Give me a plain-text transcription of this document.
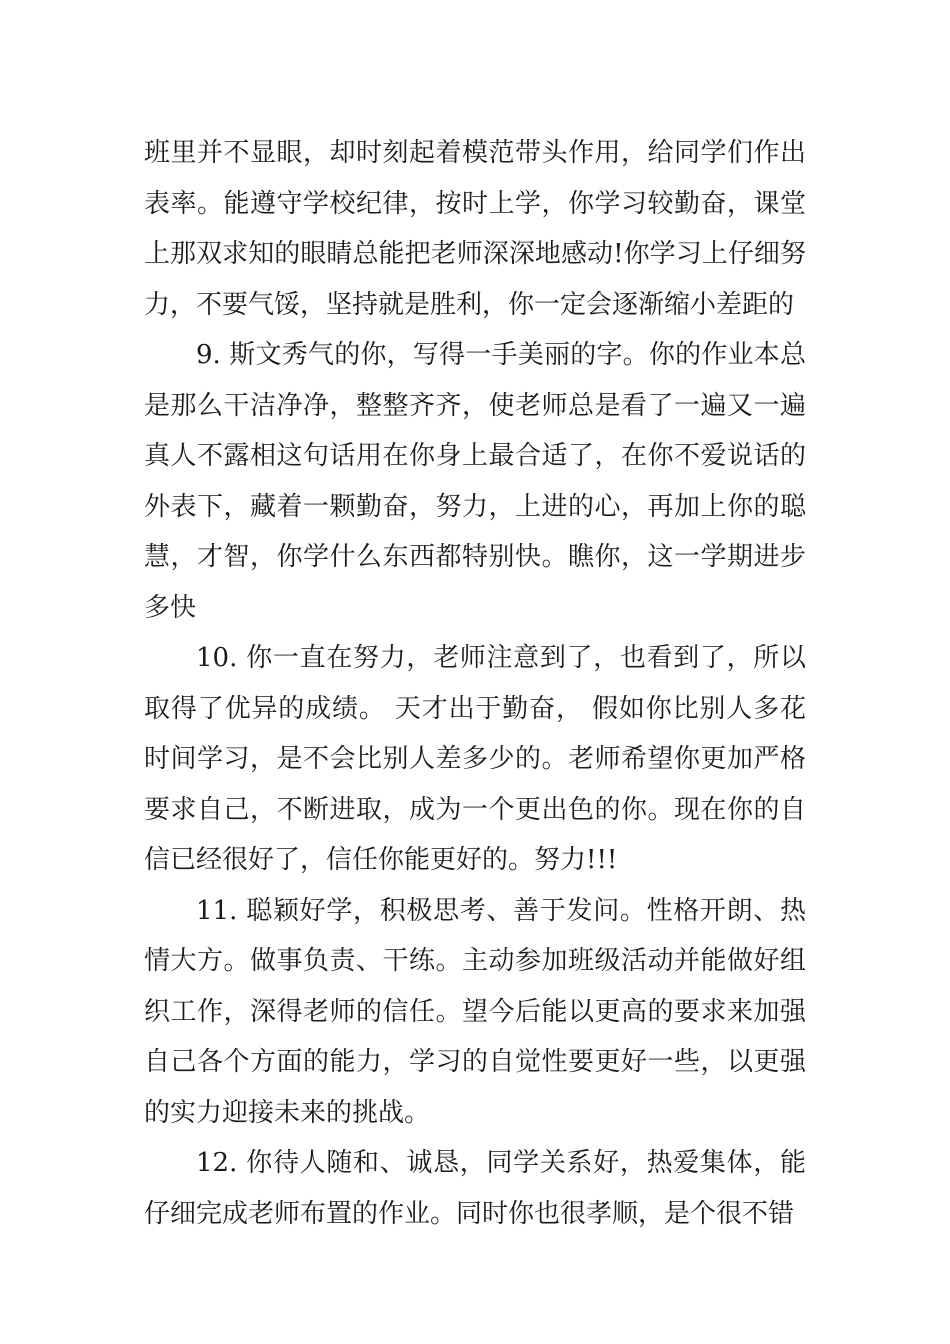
班里并不显眼，却时刻起着模范带头作用，给同学们作出表率。能遵守学校纪律，按时上学，你学习较勤奋，课堂上那双求知的眼睛总能把老师深深地感动!你学习上仔细努力，不要气馁，坚持就是胜利，你一定会逐渐缩小差距的

9. 斯文秀气的你，写得一手美丽的字。你的作业本总是那么干洁净净，整整齐齐，使老师总是看了一遍又一遍真人不露相这句话用在你身上最合适了，在你不爱说话的外表下，藏着一颗勤奋，努力，上进的心，再加上你的聪慧，才智，你学什么东西都特别快。瞧你，这一学期进步多快

10. 你一直在努力，老师注意到了，也看到了，所以取得了优异的成绩。 天才出于勤奋， 假如你比别人多花时间学习，是不会比别人差多少的。老师希望你更加严格要求自己，不断进取，成为一个更出色的你。现在你的自信已经很好了，信任你能更好的。努力!!!

11. 聪颖好学，积极思考、善于发问。性格开朗、热情大方。做事负责、干练。主动参加班级活动并能做好组织工作，深得老师的信任。望今后能以更高的要求来加强自己各个方面的能力，学习的自觉性要更好一些，以更强的实力迎接未来的挑战。

12. 你待人随和、诚恳，同学关系好，热爱集体，能仔细完成老师布置的作业。同时你也很孝顺，是个很不错
